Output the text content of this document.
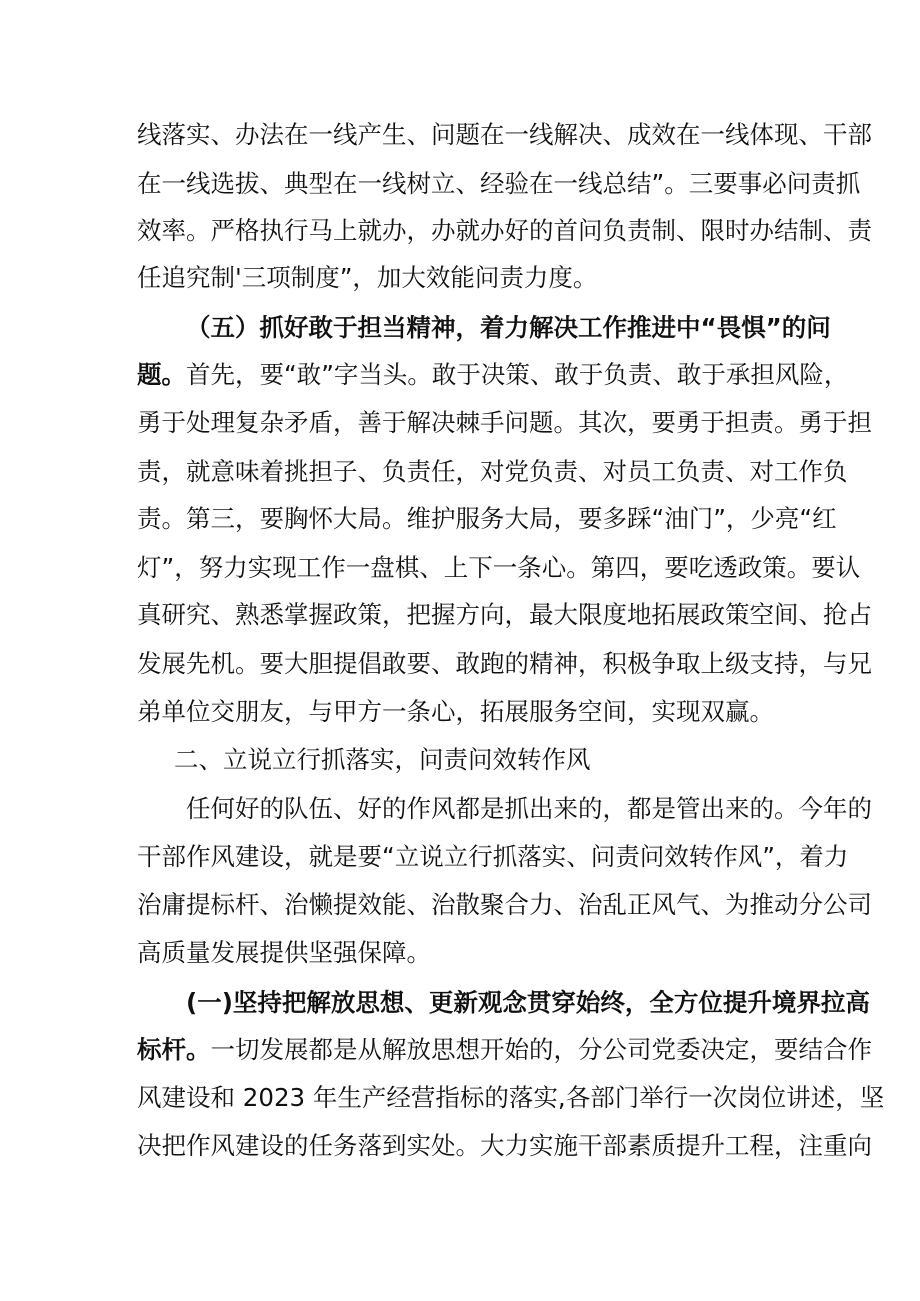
线落实、办法在一线产生、问题在一线解决、成效在一线体现、干部
在一线选拔、典型在一线树立、经验在一线总结”。三要事必问责抓
效率。严格执行马上就办，办就办好的首问负责制、限时办结制、责
任追究制'三项制度”，加大效能问责力度。
（五）抓好敢于担当精神，着力解决工作推进中“畏惧”的问
题。首先，要“敢”字当头。敢于决策、敢于负责、敢于承担风险，
勇于处理复杂矛盾，善于解决棘手问题。其次，要勇于担责。勇于担
责，就意味着挑担子、负责任，对党负责、对员工负责、对工作负
责。第三，要胸怀大局。维护服务大局，要多踩“油门”，少亮“红
灯”，努力实现工作一盘棋、上下一条心。第四，要吃透政策。要认
真研究、熟悉掌握政策，把握方向，最大限度地拓展政策空间、抢占
发展先机。要大胆提倡敢要、敢跑的精神，积极争取上级支持，与兄
弟单位交朋友，与甲方一条心，拓展服务空间，实现双赢。
二、立说立行抓落实，问责问效转作风
任何好的队伍、好的作风都是抓出来的，都是管出来的。今年的
干部作风建设，就是要“立说立行抓落实、问责问效转作风”，着力
治庸提标杆、治懒提效能、治散聚合力、治乱正风气、为推动分公司
高质量发展提供坚强保障。
(一)坚持把解放思想、更新观念贯穿始终，全方位提升境界拉高
标杆。一切发展都是从解放思想开始的，分公司党委决定，要结合作
风建设和 2023 年生产经营指标的落实,各部门举行一次岗位讲述，坚
决把作风建设的任务落到实处。大力实施干部素质提升工程，注重向
